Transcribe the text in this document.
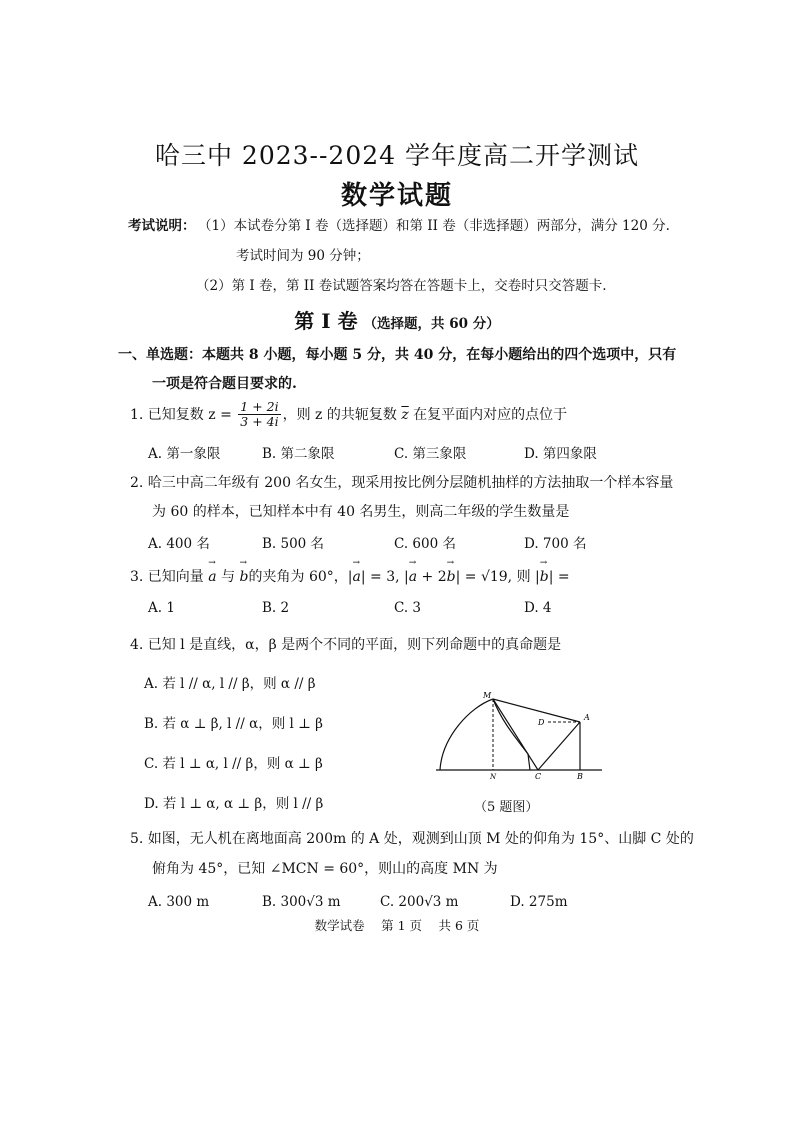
哈三中 2023--2024 学年度高二开学测试
数学试题
考试说明： （1）本试卷分第 I 卷（选择题）和第 II 卷（非选择题）两部分，满分 120 分.
考试时间为 90 分钟；
（2）第 I 卷，第 II 卷试题答案均答在答题卡上，交卷时只交答题卡.
第 I 卷 （选择题，共 60 分）
一、单选题：本题共 8 小题，每小题 5 分，共 40 分，在每小题给出的四个选项中，只有
一项是符合题目要求的.
1. 已知复数 $z = \frac{1 + 2i}{3 + 4i}$ ，则 z 的共轭复数 $\overline{z}$ 在复平面内对应的点位于
A. 第一象限	B. 第二象限	C. 第三象限	D. 第四象限
2. 哈三中高二年级有 200 名女生，现采用按比例分层随机抽样的方法抽取一个样本容量
为 60 的样本，已知样本中有 40 名男生，则高二年级的学生数量是
A. 400 名	B. 500 名	C. 600 名	D. 700 名
3. 已知向量 → a 与 → b的夹角为 60°，|→ a| = 3, |→ a + 2→ b| = √19, 则 |→ b| =
A. 1	B. 2	C. 3	D. 4
4. 已知 l 是直线，α，β 是两个不同的平面，则下列命题中的真命题是
A. 若 l // α, l // β，则 α // β
B. 若 α ⊥ β, l // α，则 l ⊥ β
C. 若 l ⊥ α, l // β，则 α ⊥ β
D. 若 l ⊥ α, α ⊥ β，则 l // β
M
N	C	B
A
D
（5 题图）
5. 如图，无人机在离地面高 200m 的 A 处，观测到山顶 M 处的仰角为 15°、山脚 C 处的
俯角为 45°，已知 ∠MCN = 60°，则山的高度 MN 为
A. 300 m	B. 300√3 m	C. 200√3 m	D. 275m
数学试卷　 第 1 页　 共 6 页
